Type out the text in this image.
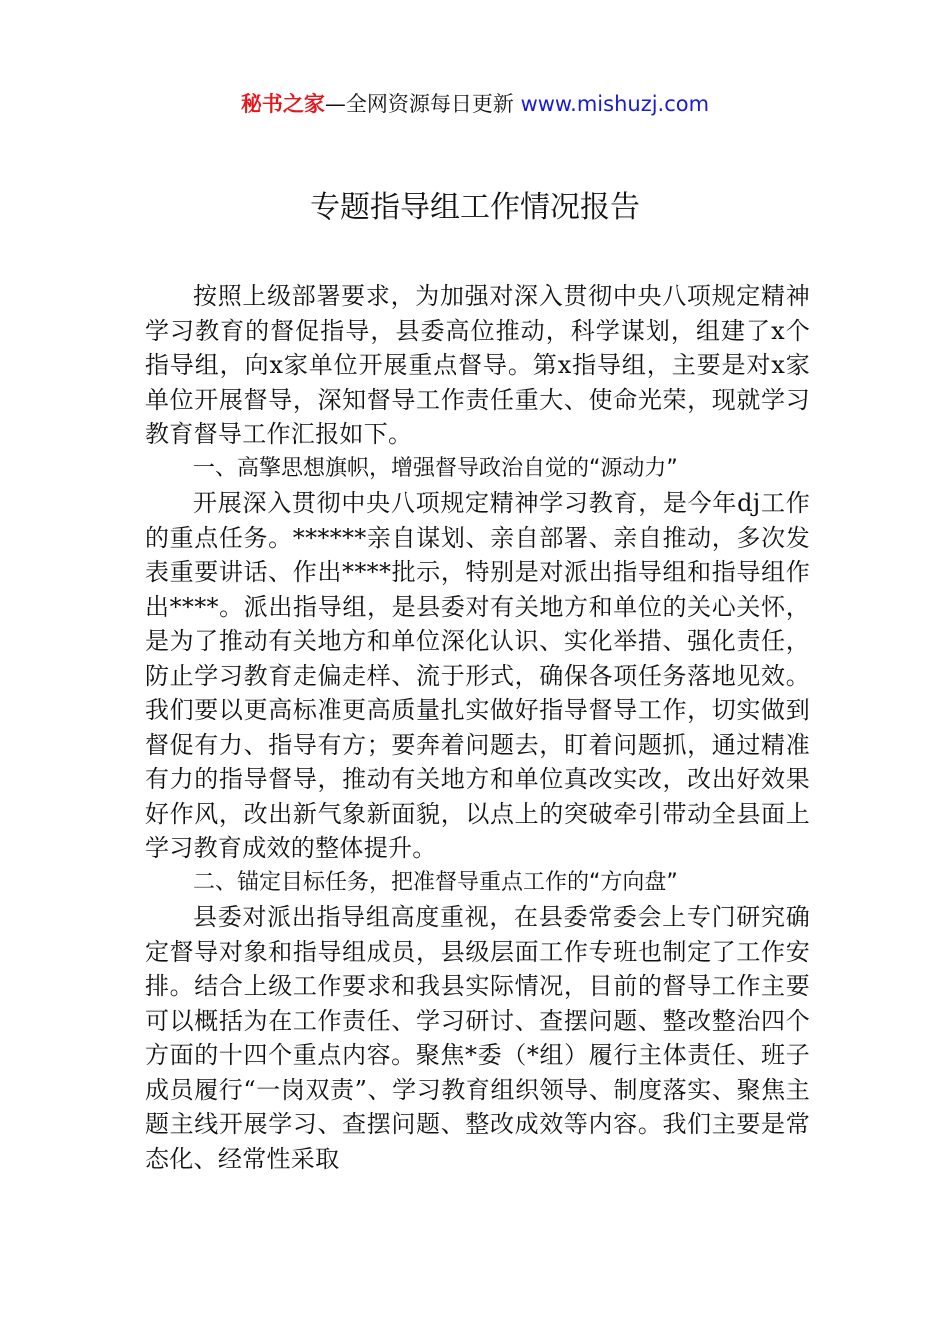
秘书之家—全网资源每日更新 www.mishuzj.com
专题指导组工作情况报告

按照上级部署要求，为加强对深入贯彻中央八项规定精神学习教育的督促指导，县委高位推动，科学谋划，组建了x个指导组，向x家单位开展重点督导。第x指导组，主要是对x家单位开展督导，深知督导工作责任重大、使命光荣，现就学习教育督导工作汇报如下。

一、高擎思想旗帜，增强督导政治自觉的“源动力”

开展深入贯彻中央八项规定精神学习教育，是今年dj工作的重点任务。******亲自谋划、亲自部署、亲自推动，多次发表重要讲话、作出****批示，特别是对派出指导组和指导组作出****。派出指导组，是县委对有关地方和单位的关心关怀，是为了推动有关地方和单位深化认识、实化举措、强化责任，防止学习教育走偏走样、流于形式，确保各项任务落地见效。我们要以更高标准更高质量扎实做好指导督导工作，切实做到督促有力、指导有方；要奔着问题去，盯着问题抓，通过精准有力的指导督导，推动有关地方和单位真改实改，改出好效果好作风，改出新气象新面貌，以点上的突破牵引带动全县面上学习教育成效的整体提升。

二、锚定目标任务，把准督导重点工作的“方向盘”

县委对派出指导组高度重视，在县委常委会上专门研究确定督导对象和指导组成员，县级层面工作专班也制定了工作安排。结合上级工作要求和我县实际情况，目前的督导工作主要可以概括为在工作责任、学习研讨、查摆问题、整改整治四个方面的十四个重点内容。聚焦*委（*组）履行主体责任、班子成员履行“一岗双责”、学习教育组织领导、制度落实、聚焦主题主线开展学习、查摆问题、整改成效等内容。我们主要是常态化、经常性采取
